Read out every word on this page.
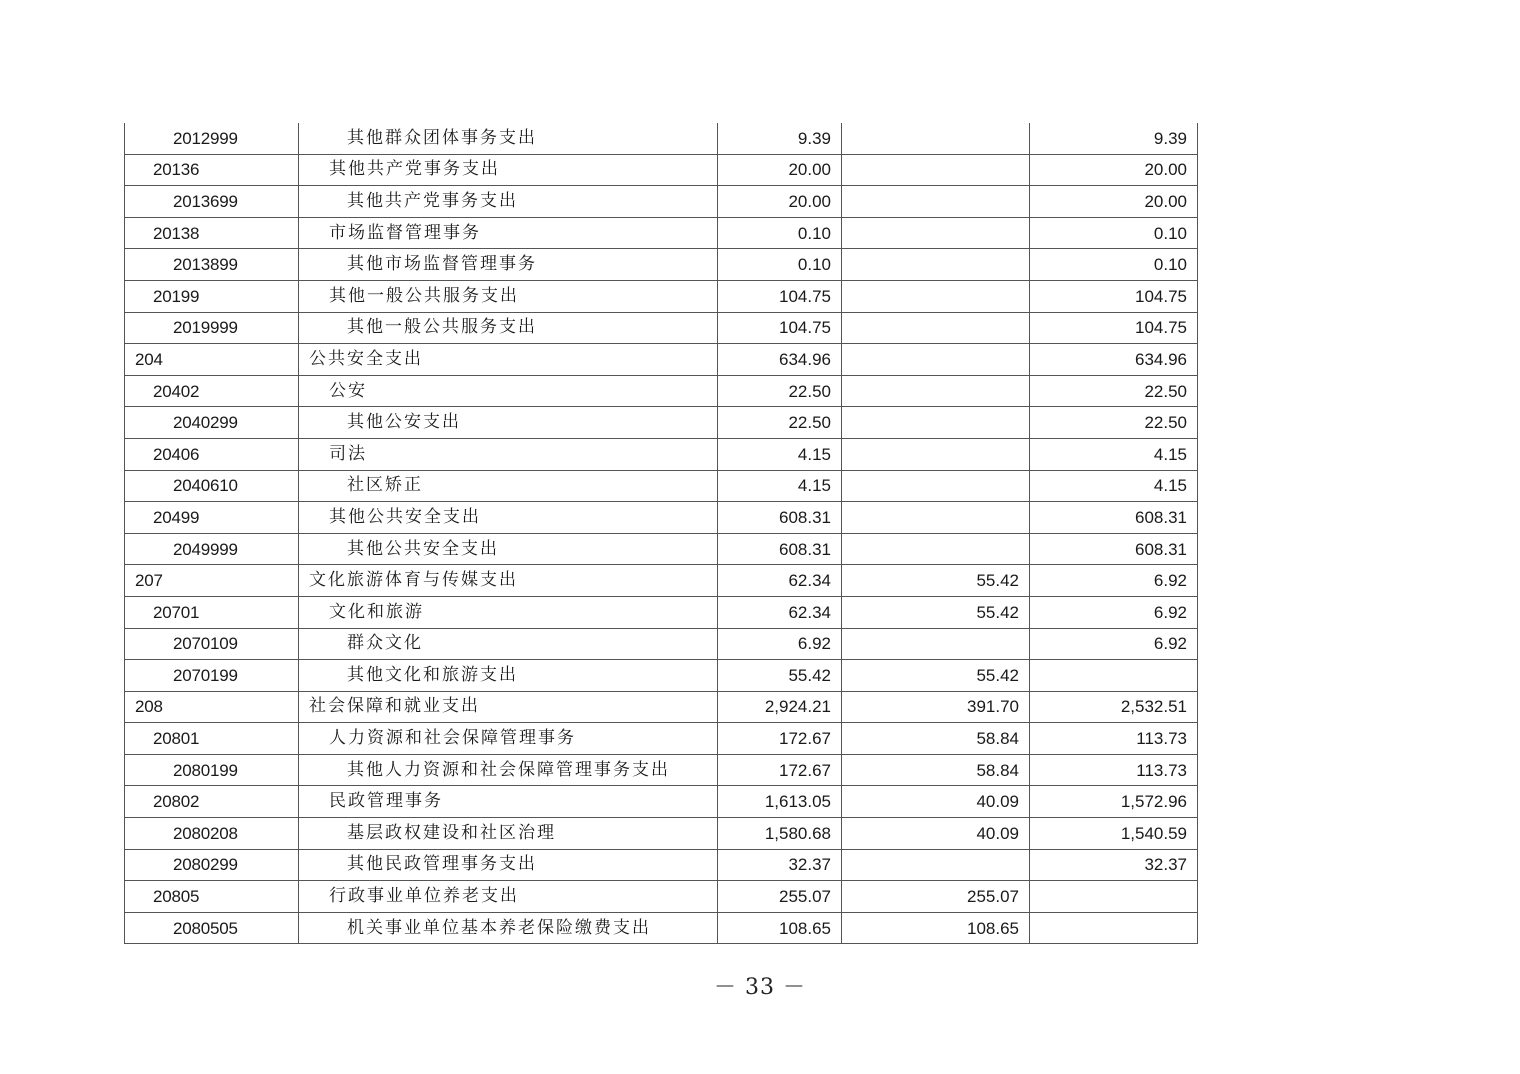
2012999	其他群众团体事务支出	9.39		9.39
20136	其他共产党事务支出	20.00		20.00
2013699	其他共产党事务支出	20.00		20.00
20138	市场监督管理事务	0.10		0.10
2013899	其他市场监督管理事务	0.10		0.10
20199	其他一般公共服务支出	104.75		104.75
2019999	其他一般公共服务支出	104.75		104.75
204	公共安全支出	634.96		634.96
20402	公安	22.50		22.50
2040299	其他公安支出	22.50		22.50
20406	司法	4.15		4.15
2040610	社区矫正	4.15		4.15
20499	其他公共安全支出	608.31		608.31
2049999	其他公共安全支出	608.31		608.31
207	文化旅游体育与传媒支出	62.34	55.42	6.92
20701	文化和旅游	62.34	55.42	6.92
2070109	群众文化	6.92		6.92
2070199	其他文化和旅游支出	55.42	55.42	
208	社会保障和就业支出	2,924.21	391.70	2,532.51
20801	人力资源和社会保障管理事务	172.67	58.84	113.73
2080199	其他人力资源和社会保障管理事务支出	172.67	58.84	113.73
20802	民政管理事务	1,613.05	40.09	1,572.96
2080208	基层政权建设和社区治理	1,580.68	40.09	1,540.59
2080299	其他民政管理事务支出	32.37		32.37
20805	行政事业单位养老支出	255.07	255.07	
2080505	机关事业单位基本养老保险缴费支出	108.65	108.65	
－ 33 －
